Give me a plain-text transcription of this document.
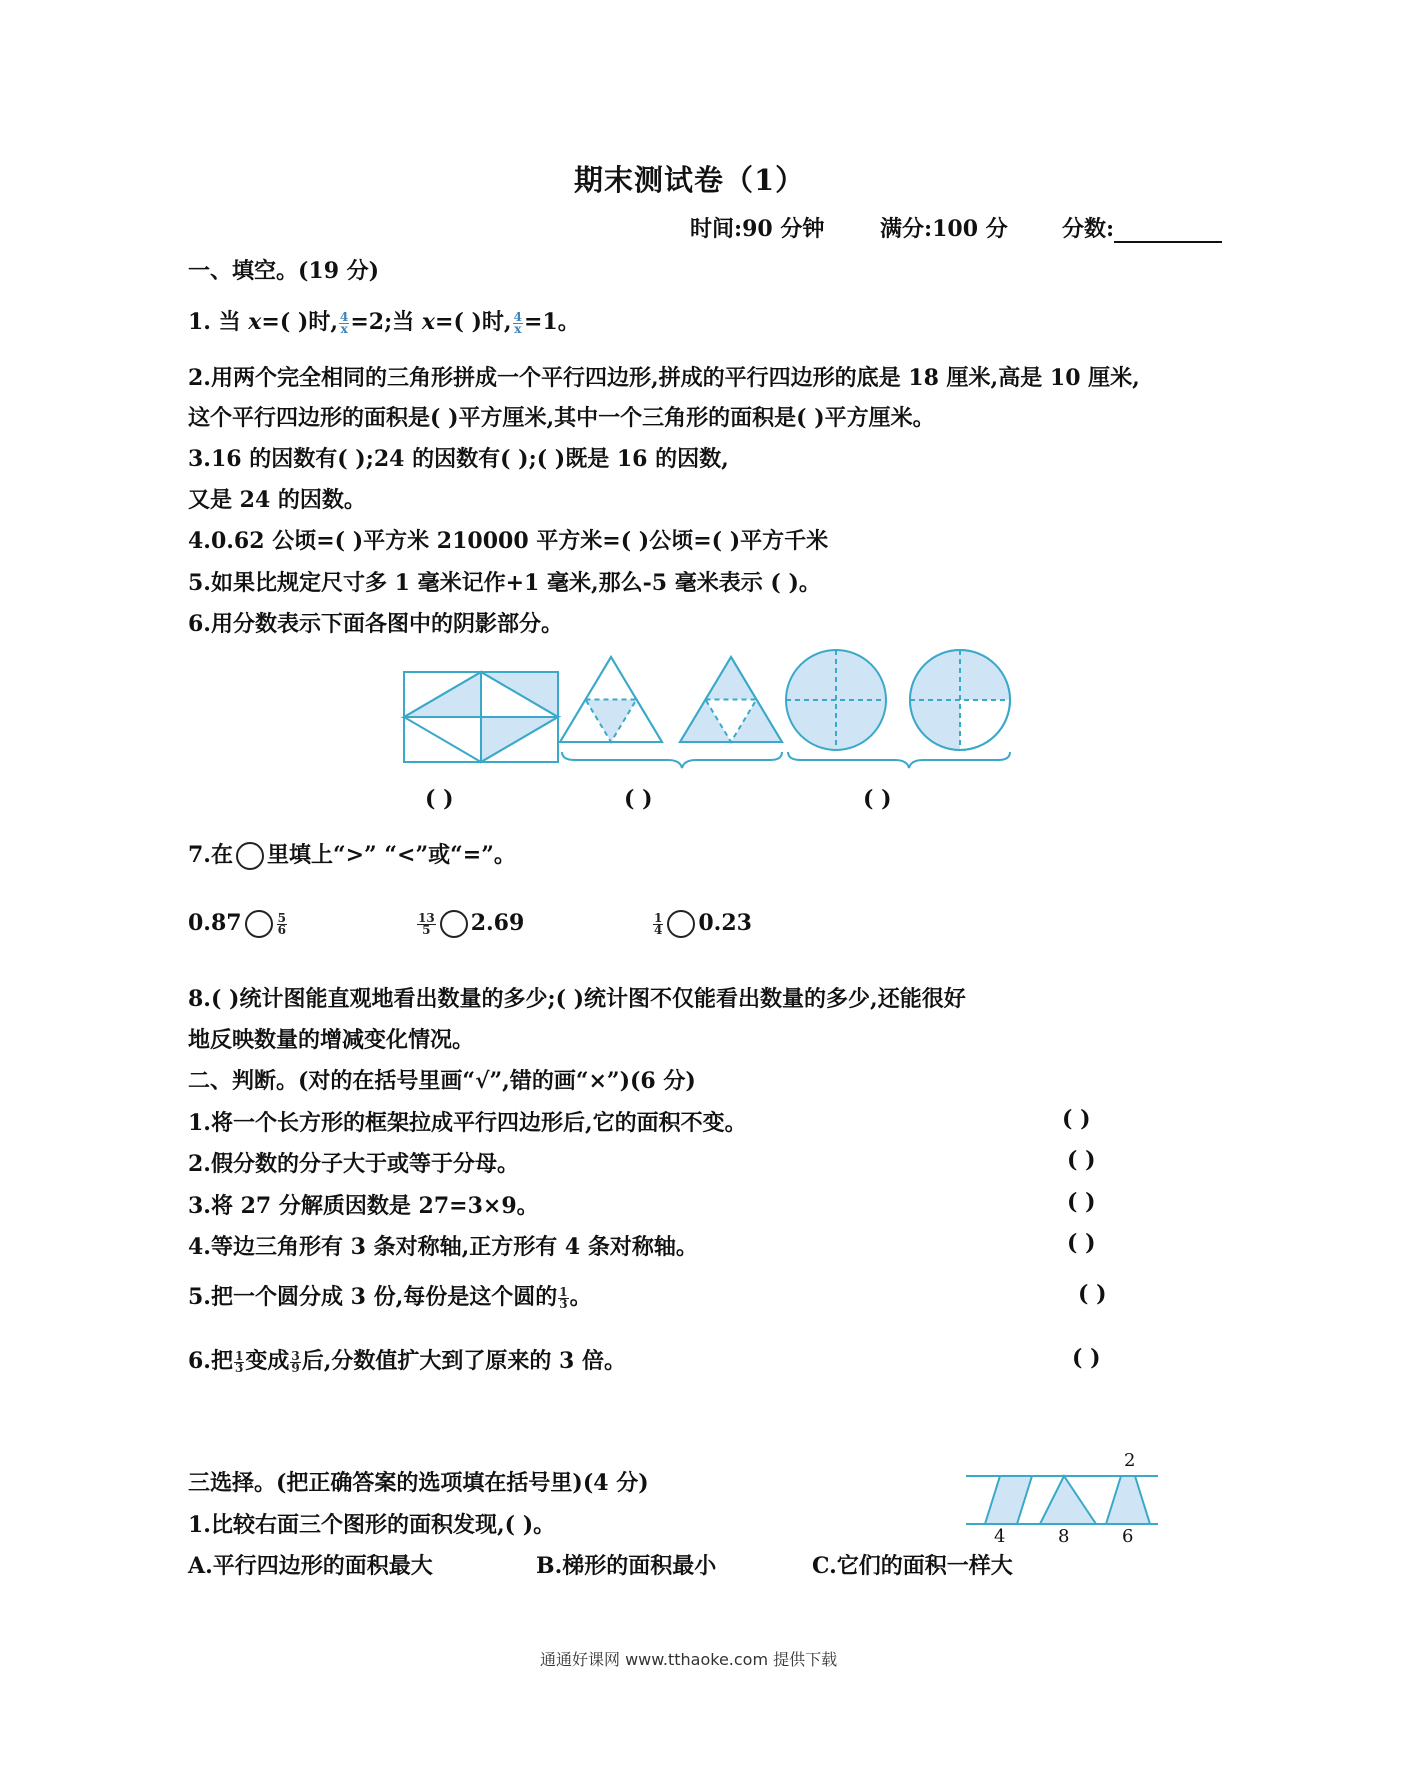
期末测试卷（1）
时间:90 分钟	满分:100 分 分数:
一、填空。(19 分)
1. 当 x=( )时, $\frac{4}{x} =2$;当 x=( )时, $\frac{4}{x} =1$。
2.用两个完全相同的三角形拼成一个平行四边形,拼成的平行四边形的底是 18 厘米,高是 10 厘米,
这个平行四边形的面积是( )平方厘米,其中一个三角形的面积是( )平方厘米。
3.16 的因数有( );24 的因数有( );( )既是 16 的因数,
又是 24 的因数。
4.0.62 公顷=( )平方米 210000 平方米=( )公顷=( )平方千米
5.如果比规定尺寸多 1 毫米记作+1 毫米,那么-5 毫米表示 ( )。
6.用分数表示下面各图中的阴影部分。
( )	( )	( )
7.在 里填上“>” “<”或“=”。
0.87	$\frac{5}{6}$	$\frac{13}{5} 2.69$	$\frac{1}{4} 0.23$
8.( )统计图能直观地看出数量的多少;( )统计图不仅能看出数量的多少,还能很好
地反映数量的增减变化情况。
二、判断。(对的在括号里画“√”,错的画“×”)(6 分)
1.将一个长方形的框架拉成平行四边形后,它的面积不变。
2.假分数的分子大于或等于分母。
3.将 27 分解质因数是 27=3×9。
4.等边三角形有 3 条对称轴,正方形有 4 条对称轴。
5.把一个圆分成 3 份,每份是这个圆的 $\frac{1}{3}$ 。
6.把 $\frac{1}{3}$ 变成 $\frac{3}{9}$ 后,分数值扩大到了原来的 3 倍。
( )
( )
( )
( )
( )
( )
三选择。(把正确答案的选项填在括号里)(4 分)
1.比较右面三个图形的面积发现,( )。
A.平行四边形的面积最大	B.梯形的面积最小	C.它们的面积一样大
2
4	8	6
通通好课网 www.tthaoke.com 提供下载
